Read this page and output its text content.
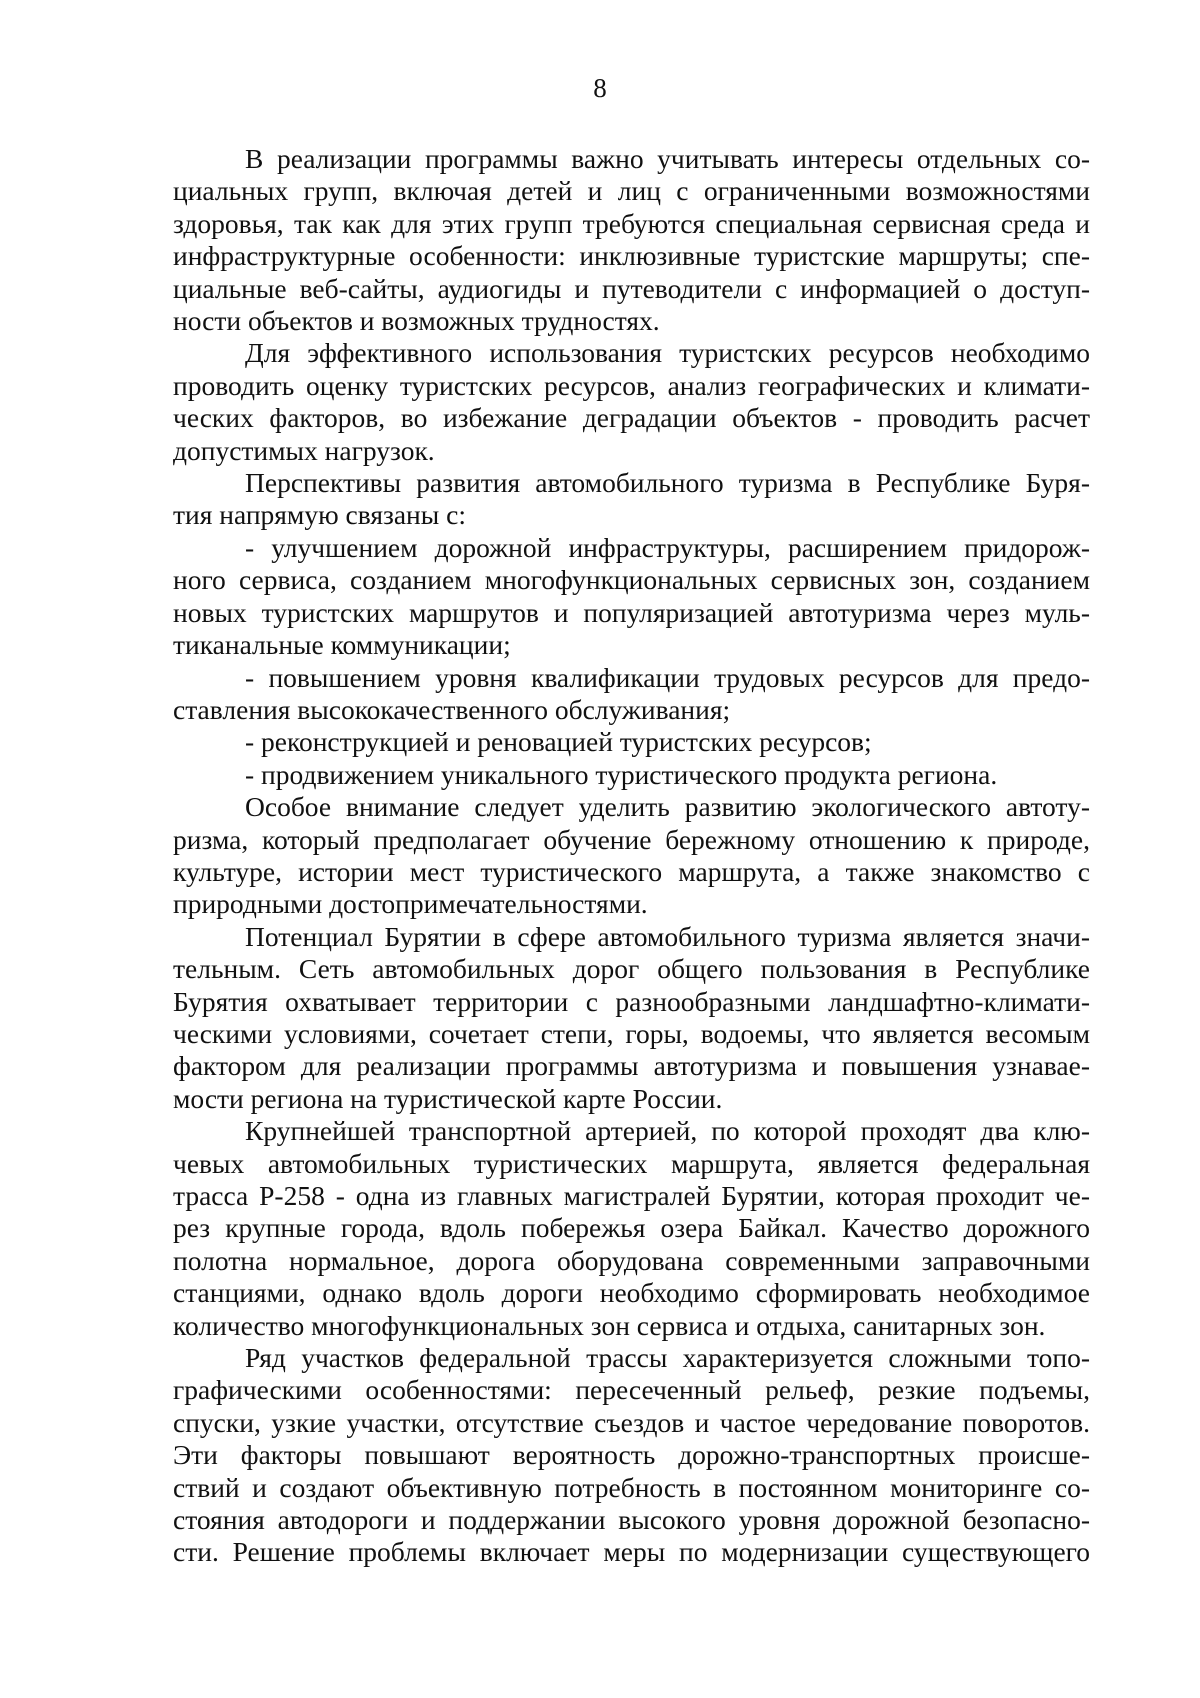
8

В реализации программы важно учитывать интересы отдельных со-
циальных групп, включая детей и лиц с ограниченными возможностями
здоровья, так как для этих групп требуются специальная сервисная среда и
инфраструктурные особенности: инклюзивные туристские маршруты; спе-
циальные веб-сайты, аудиогиды и путеводители с информацией о доступ-
ности объектов и возможных трудностях.

Для эффективного использования туристских ресурсов необходимо
проводить оценку туристских ресурсов, анализ географических и климати-
ческих факторов, во избежание деградации объектов - проводить расчет
допустимых нагрузок.

Перспективы развития автомобильного туризма в Республике Буря-
тия напрямую связаны с:

- улучшением дорожной инфраструктуры, расширением придорож-
ного сервиса, созданием многофункциональных сервисных зон, созданием
новых туристских маршрутов и популяризацией автотуризма через муль-
тиканальные коммуникации;

- повышением уровня квалификации трудовых ресурсов для предо-
ставления высококачественного обслуживания;

- реконструкцией и реновацией туристских ресурсов;

- продвижением уникального туристического продукта региона.

Особое внимание следует уделить развитию экологического автоту-
ризма, который предполагает обучение бережному отношению к природе,
культуре, истории мест туристического маршрута, а также знакомство с
природными достопримечательностями.

Потенциал Бурятии в сфере автомобильного туризма является значи-
тельным. Сеть автомобильных дорог общего пользования в Республике
Бурятия охватывает территории с разнообразными ландшафтно-климати-
ческими условиями, сочетает степи, горы, водоемы, что является весомым
фактором для реализации программы автотуризма и повышения узнавае-
мости региона на туристической карте России.

Крупнейшей транспортной артерией, по которой проходят два клю-
чевых автомобильных туристических маршрута, является федеральная
трасса Р-258 - одна из главных магистралей Бурятии, которая проходит че-
рез крупные города, вдоль побережья озера Байкал. Качество дорожного
полотна нормальное, дорога оборудована современными заправочными
станциями, однако вдоль дороги необходимо сформировать необходимое
количество многофункциональных зон сервиса и отдыха, санитарных зон.

Ряд участков федеральной трассы характеризуется сложными топо-
графическими особенностями: пересеченный рельеф, резкие подъемы,
спуски, узкие участки, отсутствие съездов и частое чередование поворотов.
Эти факторы повышают вероятность дорожно-транспортных происше-
ствий и создают объективную потребность в постоянном мониторинге со-
стояния автодороги и поддержании высокого уровня дорожной безопасно-
сти. Решение проблемы включает меры по модернизации существующего
